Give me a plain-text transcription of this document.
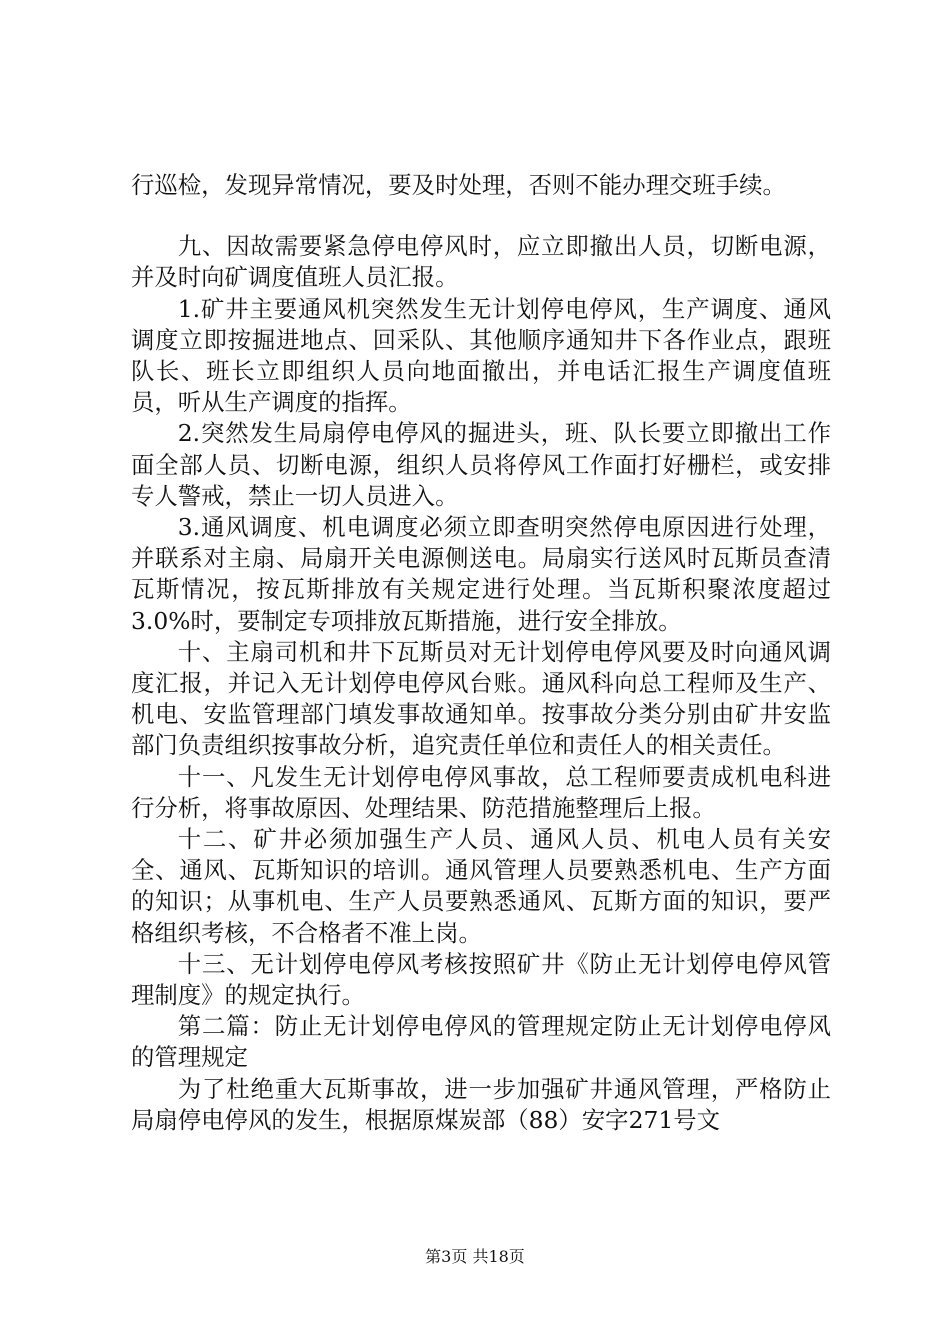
行巡检，发现异常情况，要及时处理，否则不能办理交班手续。

九、因故需要紧急停电停风时，应立即撤出人员，切断电源，并及时向矿调度值班人员汇报。

1.矿井主要通风机突然发生无计划停电停风，生产调度、通风调度立即按掘进地点、回采队、其他顺序通知井下各作业点，跟班队长、班长立即组织人员向地面撤出，并电话汇报生产调度值班员，听从生产调度的指挥。

2.突然发生局扇停电停风的掘进头，班、队长要立即撤出工作面全部人员、切断电源，组织人员将停风工作面打好栅栏，或安排专人警戒，禁止一切人员进入。

3.通风调度、机电调度必须立即查明突然停电原因进行处理，并联系对主扇、局扇开关电源侧送电。局扇实行送风时瓦斯员查清瓦斯情况，按瓦斯排放有关规定进行处理。当瓦斯积聚浓度超过3.0%时，要制定专项排放瓦斯措施，进行安全排放。

十、主扇司机和井下瓦斯员对无计划停电停风要及时向通风调度汇报，并记入无计划停电停风台账。通风科向总工程师及生产、机电、安监管理部门填发事故通知单。按事故分类分别由矿井安监部门负责组织按事故分析，追究责任单位和责任人的相关责任。

十一、凡发生无计划停电停风事故，总工程师要责成机电科进行分析，将事故原因、处理结果、防范措施整理后上报。

十二、矿井必须加强生产人员、通风人员、机电人员有关安全、通风、瓦斯知识的培训。通风管理人员要熟悉机电、生产方面的知识；从事机电、生产人员要熟悉通风、瓦斯方面的知识，要严格组织考核，不合格者不准上岗。

十三、无计划停电停风考核按照矿井《防止无计划停电停风管理制度》的规定执行。

第二篇：防止无计划停电停风的管理规定防止无计划停电停风的管理规定

为了杜绝重大瓦斯事故，进一步加强矿井通风管理，严格防止局扇停电停风的发生，根据原煤炭部（88）安字271号文

第3页 共18页
